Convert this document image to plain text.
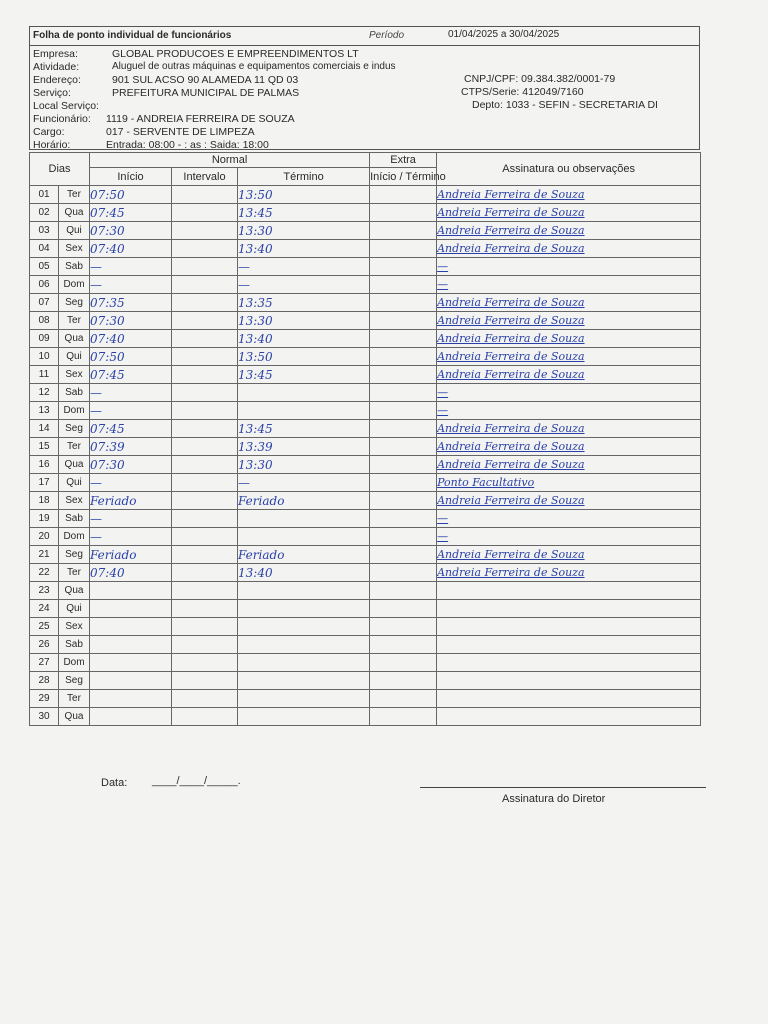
Folha de ponto individual de funcionários	Período	01/04/2025 a 30/04/2025
Empresa:	GLOBAL PRODUCOES E EMPREENDIMENTOS LT
Atividade:	Aluguel de outras máquinas e equipamentos comerciais e indus
Endereço:	901 SUL ACSO 90 ALAMEDA 11 QD 03	CNPJ/CPF: 09.384.382/0001-79
Serviço:	PREFEITURA MUNICIPAL DE PALMAS	CTPS/Serie: 412049/7160
Local Serviço:	Depto: 1033 - SEFIN - SECRETARIA DI
Funcionário: 1119 - ANDREIA FERREIRA DE SOUZA
Cargo:	017 - SERVENTE DE LIMPEZA
Horário:	Entrada: 08:00 - : as : Saida: 18:00
Dias		Normal			Extra	Assinatura ou observações
		Início	Intervalo	Término	Início / Término	
01	Ter	07:50		13:50		Andreia Ferreira de Souza
02	Qua	07:45		13:45		Andreia Ferreira de Souza
03	Qui	07:30		13:30		Andreia Ferreira de Souza
04	Sex	07:40		13:40		Andreia Ferreira de Souza
05	Sab	—		—		—
06	Dom	—		—		—
07	Seg	07:35		13:35		Andreia Ferreira de Souza
08	Ter	07:30		13:30		Andreia Ferreira de Souza
09	Qua	07:40		13:40		Andreia Ferreira de Souza
10	Qui	07:50		13:50		Andreia Ferreira de Souza
11	Sex	07:45		13:45		Andreia Ferreira de Souza
12	Sab	—				—
13	Dom	—				—
14	Seg	07:45		13:45		Andreia Ferreira de Souza
15	Ter	07:39		13:39		Andreia Ferreira de Souza
16	Qua	07:30		13:30		Andreia Ferreira de Souza
17	Qui	—		—		Ponto Facultativo
18	Sex	Feriado		Feriado		Andreia Ferreira de Souza
19	Sab	—				—
20	Dom	—				—
21	Seg	Feriado		Feriado		Andreia Ferreira de Souza
22	Ter	07:40		13:40		Andreia Ferreira de Souza
23	Qua					
24	Qui					
25	Sex					
26	Sab					
27	Dom					
28	Seg					
29	Ter					
30	Qua					
Data: ____/____/_____.
Assinatura do Diretor
